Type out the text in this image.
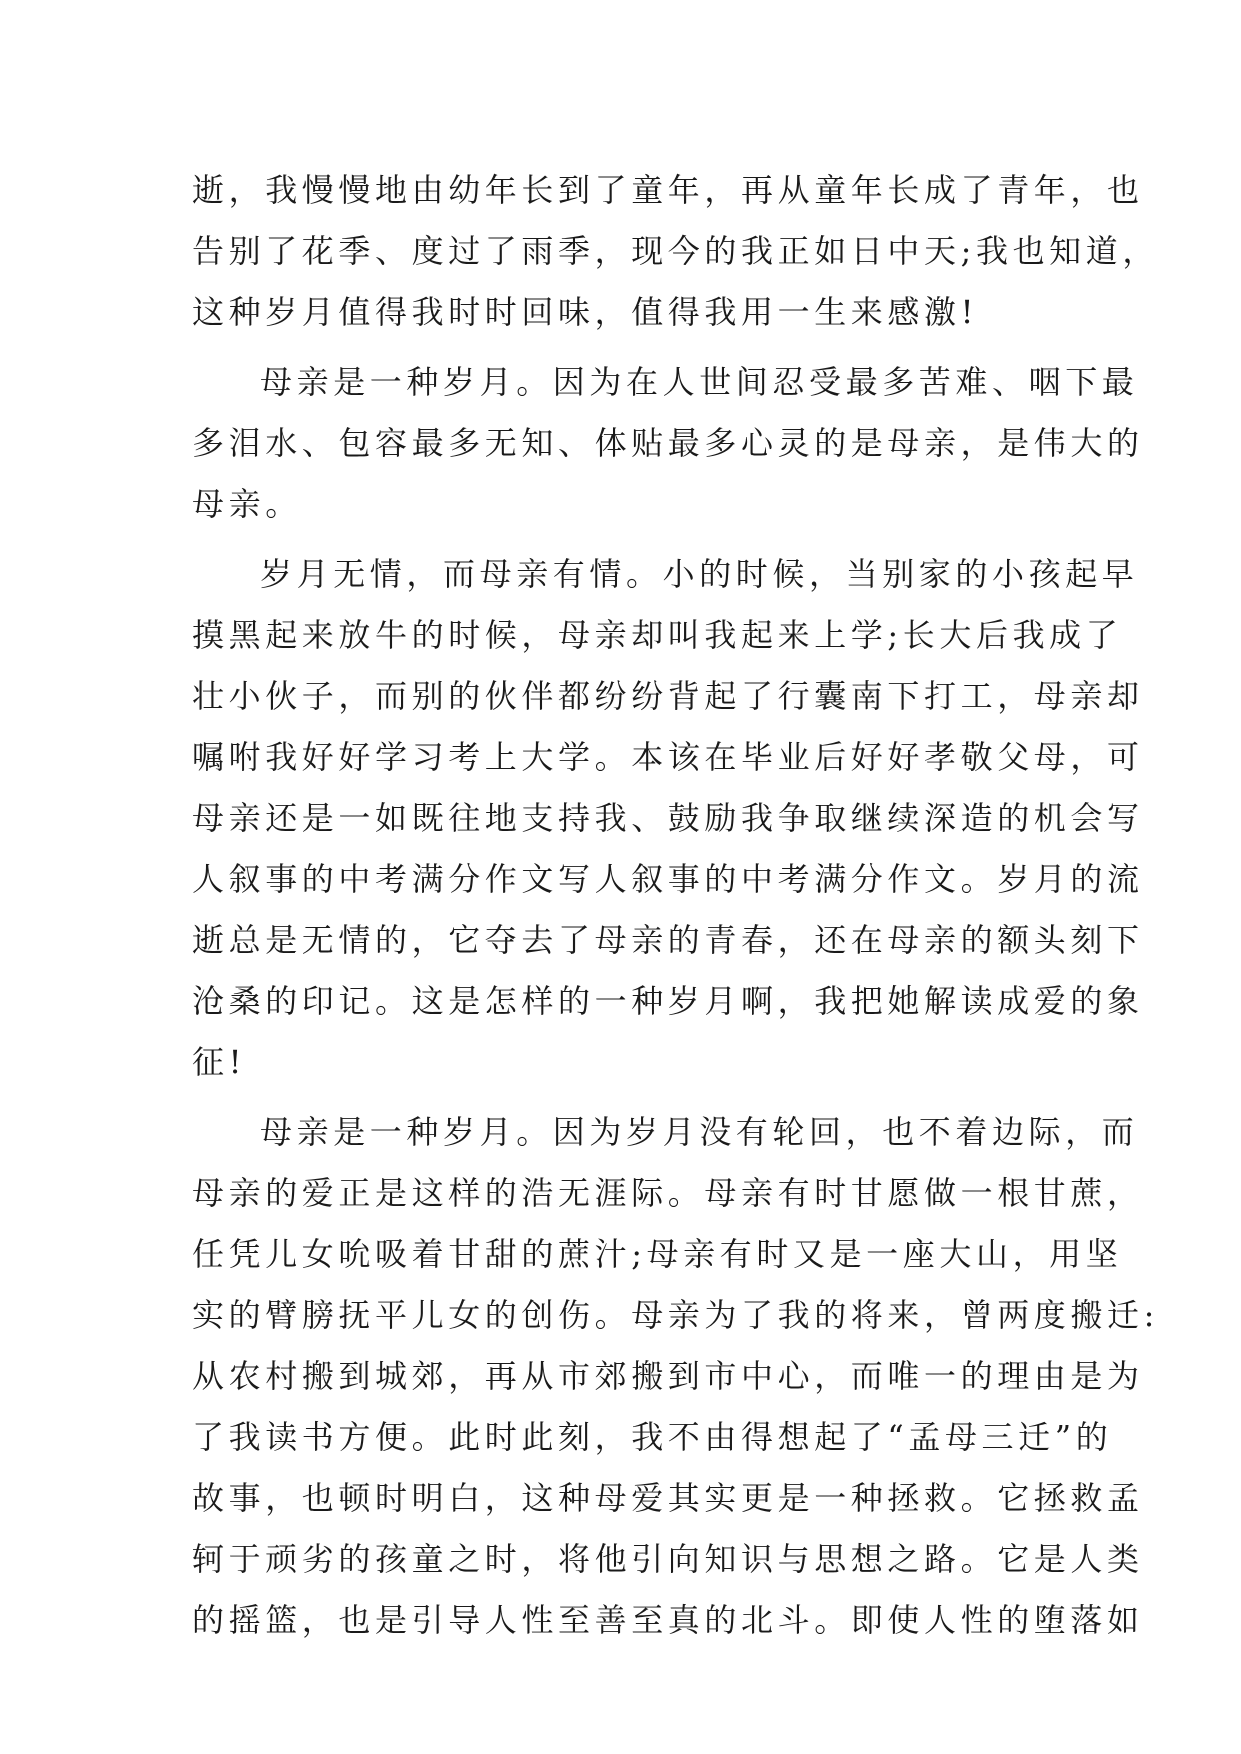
逝，我慢慢地由幼年长到了童年，再从童年长成了青年，也
告别了花季、度过了雨季，现今的我正如日中天;我也知道，
这种岁月值得我时时回味，值得我用一生来感激!
母亲是一种岁月。因为在人世间忍受最多苦难、咽下最
多泪水、包容最多无知、体贴最多心灵的是母亲，是伟大的
母亲。
岁月无情，而母亲有情。小的时候，当别家的小孩起早
摸黑起来放牛的时候，母亲却叫我起来上学;长大后我成了
壮小伙子，而别的伙伴都纷纷背起了行囊南下打工，母亲却
嘱咐我好好学习考上大学。本该在毕业后好好孝敬父母，可
母亲还是一如既往地支持我、鼓励我争取继续深造的机会写
人叙事的中考满分作文写人叙事的中考满分作文。岁月的流
逝总是无情的，它夺去了母亲的青春，还在母亲的额头刻下
沧桑的印记。这是怎样的一种岁月啊，我把她解读成爱的象
征!
母亲是一种岁月。因为岁月没有轮回，也不着边际，而
母亲的爱正是这样的浩无涯际。母亲有时甘愿做一根甘蔗，
任凭儿女吮吸着甘甜的蔗汁;母亲有时又是一座大山，用坚
实的臂膀抚平儿女的创伤。母亲为了我的将来，曾两度搬迁:
从农村搬到城郊，再从市郊搬到市中心，而唯一的理由是为
了我读书方便。此时此刻，我不由得想起了“孟母三迁”的
故事，也顿时明白，这种母爱其实更是一种拯救。它拯救孟
轲于顽劣的孩童之时，将他引向知识与思想之路。它是人类
的摇篮，也是引导人性至善至真的北斗。即使人性的堕落如
